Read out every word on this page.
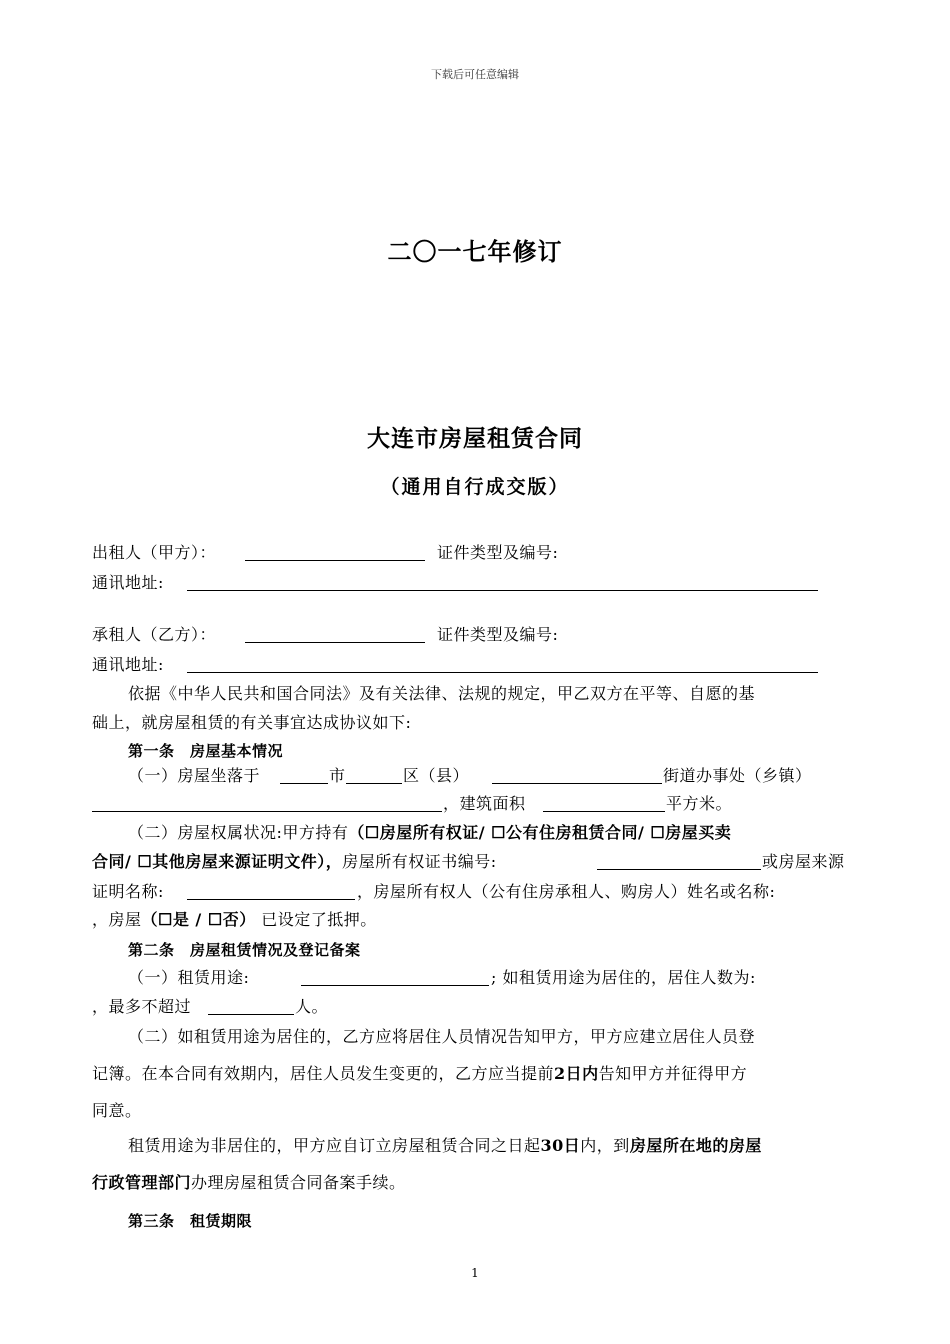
下载后可任意编辑
二〇一七年修订
大连市房屋租赁合同
（通用自行成交版）
出租人（甲方）：	证件类型及编号:
通讯地址:
承租人（乙方）：	证件类型及编号:
通讯地址:
依据《中华人民共和国合同法》及有关法律、法规的规定，甲乙双方在平等、自愿的基
础上，就房屋租赁的有关事宜达成协议如下:
第一条　房屋基本情况
（一）房屋坐落于	市	区（县）	街道办事处（乡镇）
，建筑面积	平方米。
（二）房屋权属状况:甲方持有（☐房屋所有权证/ ☐公有住房租赁合同/ ☐房屋买卖
合同/ ☐其他房屋来源证明文件），房屋所有权证书编号:	或房屋来源
证明名称:	，房屋所有权人（公有住房承租人、购房人）姓名或名称:
，房屋（☐是 / ☐否） 已设定了抵押。
第二条　房屋租赁情况及登记备案
（一）租赁用途:	; 如租赁用途为居住的，居住人数为:
，最多不超过	人。
（二）如租赁用途为居住的，乙方应将居住人员情况告知甲方，甲方应建立居住人员登
记簿。在本合同有效期内，居住人员发生变更的，乙方应当提前2日内告知甲方并征得甲方
同意。
租赁用途为非居住的，甲方应自订立房屋租赁合同之日起30日内，到房屋所在地的房屋
行政管理部门办理房屋租赁合同备案手续。
第三条　租赁期限
1
